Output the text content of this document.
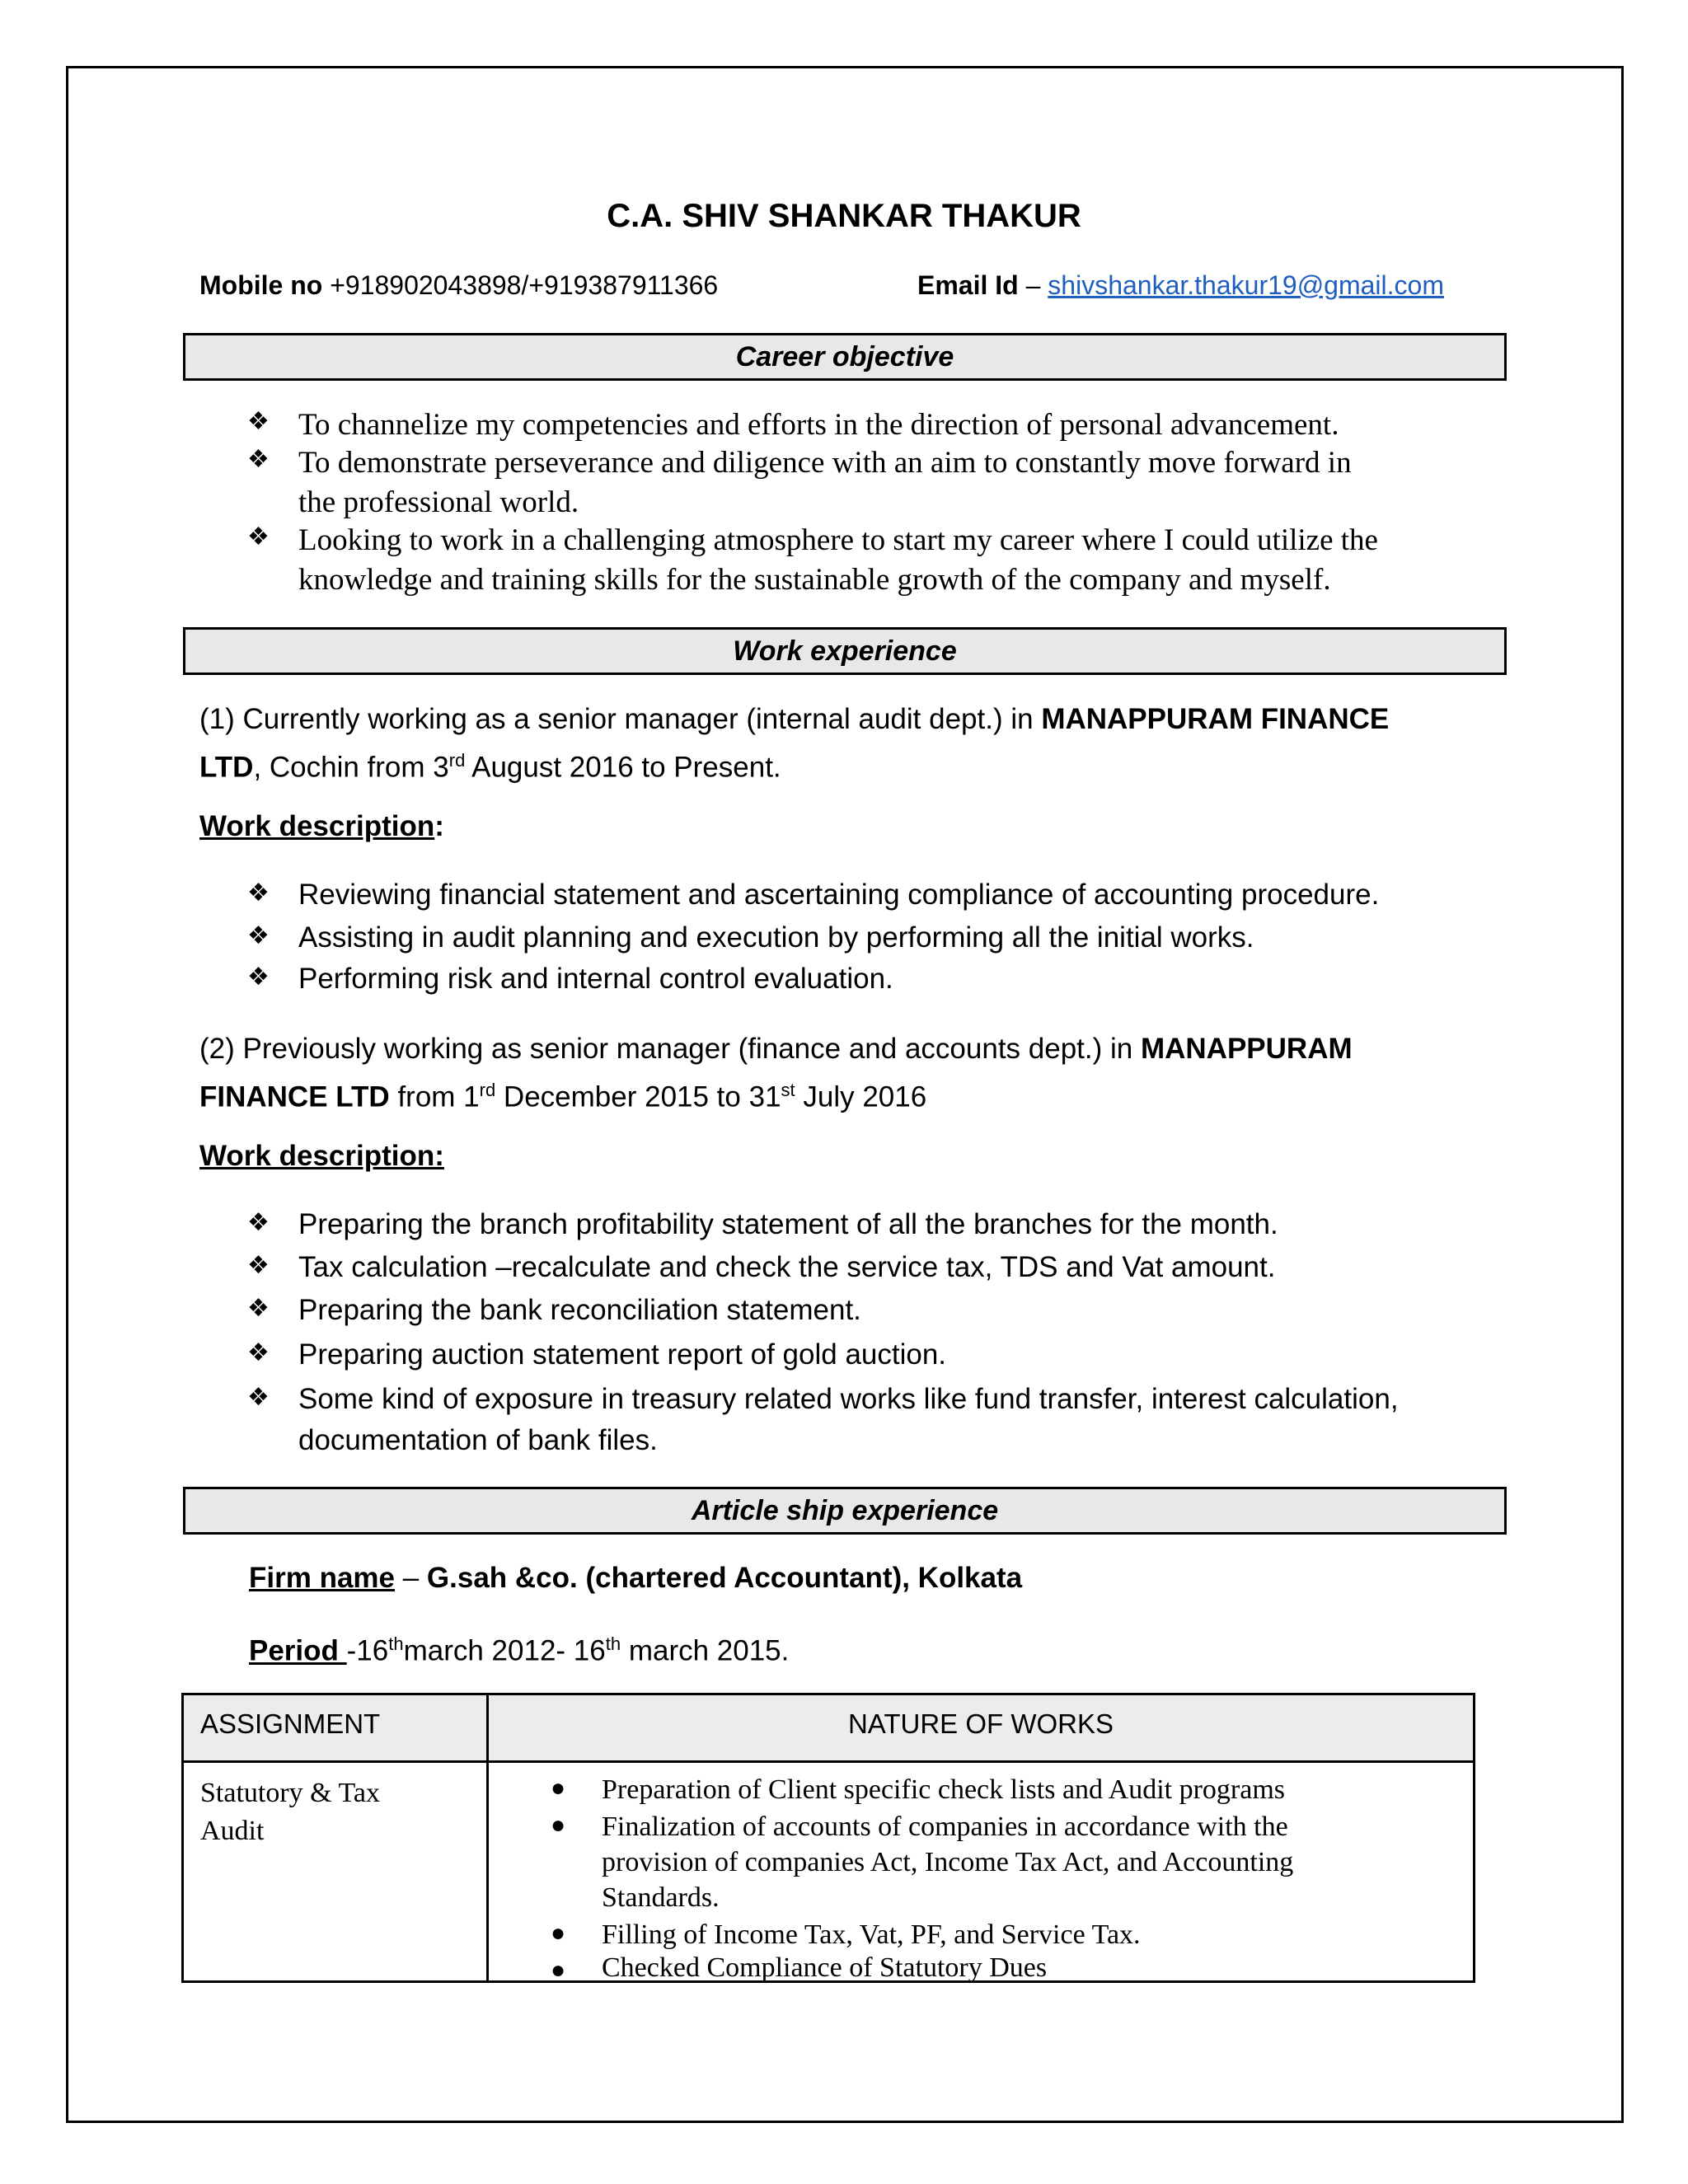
C.A. SHIV SHANKAR THAKUR
Mobile no +918902043898/+919387911366	Email Id – shivshankar.thakur19@gmail.com
Career objective
❖ To channelize my competencies and efforts in the direction of personal advancement.
❖ To demonstrate perseverance and diligence with an aim to constantly move forward in
the professional world.
❖ Looking to work in a challenging atmosphere to start my career where I could utilize the
knowledge and training skills for the sustainable growth of the company and myself.
Work experience
(1) Currently working as a senior manager (internal audit dept.) in MANAPPURAM FINANCE
LTD, Cochin from 3rd August 2016 to Present.
Work description:
❖ Reviewing financial statement and ascertaining compliance of accounting procedure.
❖ Assisting in audit planning and execution by performing all the initial works.
❖ Performing risk and internal control evaluation.
(2) Previously working as senior manager (finance and accounts dept.) in MANAPPURAM
FINANCE LTD from 1rd December 2015 to 31st July 2016
Work description:
❖ Preparing the branch profitability statement of all the branches for the month.
❖ Tax calculation –recalculate and check the service tax, TDS and Vat amount.
❖ Preparing the bank reconciliation statement.
❖ Preparing auction statement report of gold auction.
❖ Some kind of exposure in treasury related works like fund transfer, interest calculation,
documentation of bank files.
Article ship experience
Firm name – G.sah &co. (chartered Accountant), Kolkata
Period -16thmarch 2012- 16th march 2015.
ASSIGNMENT	NATURE OF WORKS
Statutory & Tax
Audit
● Preparation of Client specific check lists and Audit programs
● Finalization of accounts of companies in accordance with the
provision of companies Act, Income Tax Act, and Accounting
Standards.
● Filling of Income Tax, Vat, PF, and Service Tax.
● Checked Compliance of Statutory Dues
